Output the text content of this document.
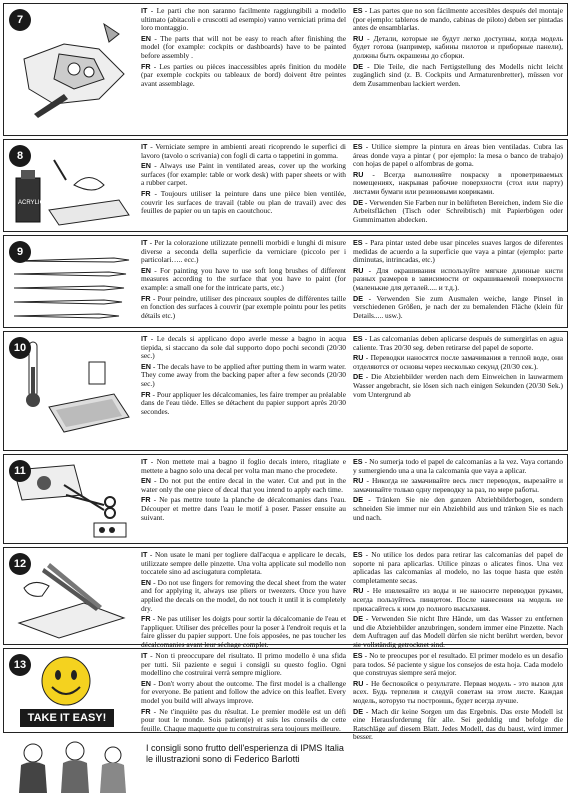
7

IT - Le parti che non saranno facilmente raggiungibili a modello ultimato (abitacoli e cruscotti ad esempio) vanno verniciati prima del loro montaggio.

EN - The parts that will not be easy to reach after finishing the model (for example: cockpits or dashboards) have to be painted before assembly .

FR - Les parties ou pièces inaccessibles après finition du modèle (par exemple cockpits ou tableaux de bord) doivent être peintes avant assemblage.

ES - Las partes que no son fácilmente accesibles después del montaje (por ejemplo: tableros de mando, cabinas de piloto) deben ser pintadas antes de ensamblarlas.

RU - Детали, которые не будут легко доступны, когда модель будет готова (например, кабины пилотов и приборные панели), должны быть окрашены до сборки.

DE - Die Teile, die nach Fertigstellung des Modells nicht leicht zugänglich sind (z. B. Cockpits und Armaturenbretter), müssen vor dem Zusammenbau lackiert werden.

ACRYLIC
8

IT - Verniciate sempre in ambienti areati ricoprendo le superfici di lavoro (tavolo o scrivania) con fogli di carta o tappetini in gomma.

EN - Always use Paint in ventilated areas, cover up the working surfaces (for example: table or work desk) with paper sheets or with a rubber carpet.

FR - Toujours utiliser la peinture dans une pièce bien ventilée, couvrir les surfaces de travail (table ou plan de travail) avec des feuilles de papier ou un tapis en caoutchouc.

ES - Utilice siempre la pintura en áreas bien ventiladas. Cubra las áreas donde vaya a pintar ( por ejemplo: la mesa o banco de trabajo) con hojas de papel o alfombras de goma.

RU - Всегда выполняйте покраску в проветриваемых помещениях, накрывая рабочие поверхности (стол или парту) листами бумаги или резиновыми ковриками.

DE - Verwenden Sie Farben nur in belüfteten Bereichen, indem Sie die Arbeitsflächen (Tisch oder Schreibtisch) mit Papierbögen oder Gummimatten abdecken.

9

IT - Per la colorazione utilizzate pennelli morbidi e lunghi di misure diverse a seconda della superficie da verniciare (piccolo per i particolari….. ecc.)

EN - For painting you have to use soft long brushes of different measures according to the surface that you have to paint (for example: a small one for the intricate parts, etc.)

FR - Pour peindre, utiliser des pinceaux souples de différentes taille en fonction des surfaces à couvrir (par exemple pointu pour les petits détails etc.)

ES - Para pintar usted debe usar pinceles suaves largos de diferentes medidas de acuerdo a la superficie que vaya a pintar (ejemplo: parte diminutas, intrincadas, etc.)

RU - Для окрашивания используйте мягкие длинные кисти разных размеров в зависимости от окрашиваемой поверхности (маленькие для деталей..... и т.д.).

DE - Verwenden Sie zum Ausmalen weiche, lange Pinsel in verschiedenen Größen, je nach der zu bemalenden Fläche (klein für Details..... usw.).

10

IT - Le decals si applicano dopo averle messe a bagno in acqua tiepida, si staccano da sole dal supporto dopo pochi secondi (20/30 sec.)

EN - The decals have to be applied after putting them in warm water. They come away from the backing paper after a few seconds (20/30 sec.)

FR - Pour appliquer les décalcomanies, les faire tremper au préalable dans de l'eau tiède. Elles se détachent du papier support après 20/30 secondes.

ES - Las calcomanías deben aplicarse después de sumergirlas en agua caliente. Tras 20/30 seg. deben retirarse del papel de soporte.

RU - Переводки наносятся после замачивания в теплой воде, они отделяются от основы через несколько секунд (20/30 сек.).

DE - Die Abziehbilder werden nach dem Einweichen in lauwarmem Wasser angebracht, sie lösen sich nach einigen Sekunden (20/30 Sek.) vom Untergrund ab

11

IT - Non mettete mai a bagno il foglio decals intero, ritagliate e mettete a bagno solo una decal per volta man mano che procedete.

EN - Do not put the entire decal in the water. Cut and put in the water only the one piece of decal that you intend to apply each time.

FR - Ne pas mettre toute la planche de décalcomanies dans l'eau. Découper et mettre dans l'eau le motif à poser. Passer ensuite au suivant.

ES - No sumerja todo el papel de calcomanías a la vez. Vaya cortando y sumergiendo una a una la calcomanía que vaya a aplicar.

RU - Никогда не замачивайте весь лист переводок, вырезайте и замачивайте только одну переводку за раз, по мере работы.

DE - Tränken Sie nie den ganzen Abziehbilderbogen, sondern schneiden Sie immer nur ein Abziehbild aus und tränken Sie es nach und nach.

12

IT - Non usate le mani per togliere dall'acqua e applicare le decals, utilizzate sempre delle pinzette. Una volta applicate sul modello non toccatele sino ad asciugatura completata.

EN - Do not use fingers for removing the decal sheet from the water and for applying it, always use pliers or tweezers. Once you have applied the decals on the model, do not touch it until it is completely dry.

FR - Ne pas utiliser les doigts pour sortir la décalcomanie de l'eau et l'appliquer. Utiliser des précelles pour la poser à l'endroit requis et la faire glisser du papier support. Une fois apposées, ne pas toucher les décalcomanies avant leur séchage complet.

ES - No utilice los dedos para retirar las calcomanías del papel de soporte ni para aplicarlas. Utilice pinzas o alicates finos. Una vez aplicadas las calcomanías al modelo, no las toque hasta que estén completamente secas.

RU - Не извлекайте из воды и не наносите переводки руками, всегда пользуйтесь пинцетом. После нанесения на модель не прикасайтесь к ним до полного высыхания.

DE - Verwenden Sie nicht Ihre Hände, um das Wasser zu entfernen und die Abziehbilder anzubringen, sondern immer eine Pinzette. Nach dem Auftragen auf das Modell dürfen sie nicht berührt werden, bevor sie vollständig getrocknet sind.

TAKE IT EASY!
13

IT - Non ti preoccupare del risultato. Il primo modello è una sfida per tutti. Sii paziente e segui i consigli su questo foglio. Ogni modellino che costruirai verrà sempre migliore.

EN - Don't worry about the outcome. The first model is a challenge for everyone. Be patient and follow the advice on this leaflet. Every model you build will always improve.

FR - Ne t'inquiète pas du résultat. Le premier modèle est un défi pour tout le monde. Sois patient(e) et suis les conseils de cette feuille. Chaque maquette que tu construiras sera toujours meilleure.

ES - No te preocupes por el resultado. El primer modelo es un desafío para todos. Sé paciente y sigue los consejos de esta hoja. Cada modelo que construyas siempre será mejor.

RU - Не беспокойся о результате. Первая модель - это вызов для всех. Будь терпелив и следуй советам на этом листе. Каждая модель, которую ты построишь, будет всегда лучше.

DE - Mach dir keine Sorgen um das Ergebnis. Das erste Modell ist eine Herausforderung für alle. Sei geduldig und befolge die Ratschläge auf diesem Blatt. Jedes Modell, das du baust, wird immer besser.

I consigli sono frutto dell'esperienza di IPMS Italia
le illustrazioni sono di Federico Barlotti
